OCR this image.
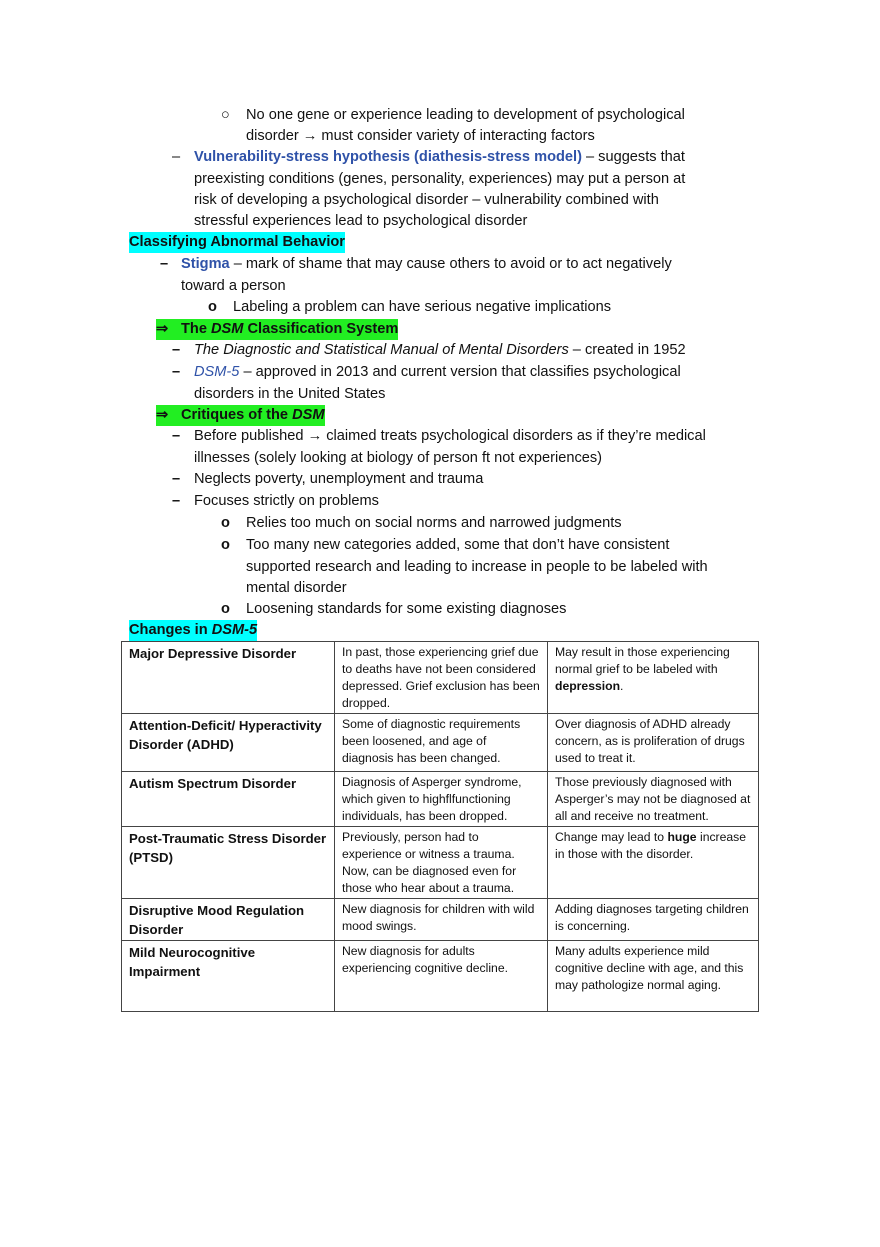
○ No one gene or experience leading to development of psychological
disorder → must consider variety of interacting factors
– Vulnerability-stress hypothesis (diathesis-stress model) – suggests that
preexisting conditions (genes, personality, experiences) may put a person at
risk of developing a psychological disorder – vulnerability combined with
stressful experiences lead to psychological disorder
Classifying Abnormal Behavior
– Stigma – mark of shame that may cause others to avoid or to act negatively
toward a person
o Labeling a problem can have serious negative implications
⇒ The DSM Classification System
– The Diagnostic and Statistical Manual of Mental Disorders – created in 1952
– DSM-5 – approved in 2013 and current version that classifies psychological
disorders in the United States
⇒ Critiques of the DSM
– Before published → claimed treats psychological disorders as if they’re medical
illnesses (solely looking at biology of person ft not experiences)
– Neglects poverty, unemployment and trauma
– Focuses strictly on problems
o Relies too much on social norms and narrowed judgments
o Too many new categories added, some that don’t have consistent
supported research and leading to increase in people to be labeled with
mental disorder
o Loosening standards for some existing diagnoses
Changes in DSM-5
Major Depressive Disorder	In past, those experiencing grief due to deaths have not been considered depressed. Grief exclusion has been dropped.	May result in those experiencing normal grief to be labeled with depression.
Attention-Deficit/ Hyperactivity Disorder (ADHD)	Some of diagnostic requirements been loosened, and age of diagnosis has been changed.	Over diagnosis of ADHD already concern, as is proliferation of drugs used to treat it.
Autism Spectrum Disorder	Diagnosis of Asperger syndrome, which given to highflfunctioning individuals, has been dropped.	Those previously diagnosed with Asperger’s may not be diagnosed at all and receive no treatment.
Post-Traumatic Stress Disorder (PTSD)	Previously, person had to experience or witness a trauma. Now, can be diagnosed even for those who hear about a trauma.	Change may lead to huge increase in those with the disorder.
Disruptive Mood Regulation Disorder	New diagnosis for children with wild mood swings.	Adding diagnoses targeting children is concerning.
Mild Neurocognitive Impairment	New diagnosis for adults experiencing cognitive decline.	Many adults experience mild cognitive decline with age, and this may pathologize normal aging.
